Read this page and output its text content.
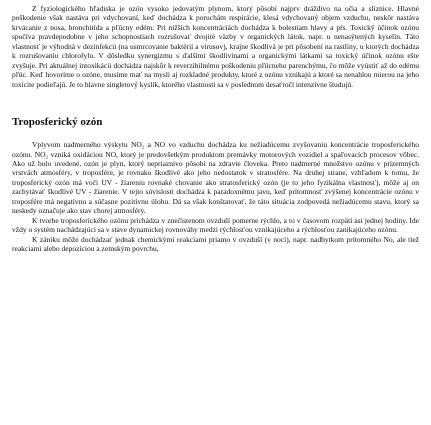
Z fyziologického hľadiska je ozón vysoko jedovatým plynom, ktorý pôsobí najprv dráždivo na očia a sliznice. Hlavné poškodenie však nastáva pri vdychovaní, keď dochádza k poruchám respirácie, klesá vdychovaný objem vzduchu, neskôr nastáva krvácanie z nosa, bronchitída a pľúcny edém. Pri nižších koncentráciách dochádza k bolestiam hlavy a pŕs. Toxický účinok ozónu spočíva pravdepodobne v jeho schopnostiach rozrušovať dvojité väzby v organických látok, napr. u nenasýtených kyselín. Táto vlastnosť je výhodná v dezinfekcii (na usmrcovanie baktérií a vírusov), krajne škodlivá je pri pôsobení na rastliny, u ktorých dochádza k rozrušovaniu chlorofylu. V dôsledku synergizmu s ďalšími škodlivinami a organickými látkami sa toxický účinok ozónu ešte zvyšuje. Pri aktuálnej intoxikácii dochádza najskôr k reverzibilnému poškodeniu pľúcneho parenchýmu, čo môže vyústiť až do edému pľúc. Keď hovoríme o ozóne, musíme mať na mysli aj rozkladné produkty, ktoré z ozónu vznikajú a ktoré sa nenahlou mierou na jeho toxicite podieľajú. Je to hlavne singletový kyslík, ktorého vlastnosti sa v poslednom desaťročí intenzívne študujú.

Troposferický ozón

Vplyvom nadmerného výskytu NO₂ a NO vo vzduchu dochádza ku nežiadúcemu zvyšovaniu koncentrácie troposferického ozónu. NO₂ vzniká oxidáciou NO, ktorý je predovšetkým produktom premávky motorových vozidiel a spaľovacích procesov vôbec. Ako už bolo uvedené, ozón je plyn, ktorý nepriaznivo pôsobí na zdravie človeka. Preto nadmerné množstvo ozónu v prízemných vrstvách atmosféry, v troposfére, je rovnako škodlivé ako jeho nedostatok v stratosfére. Na druhej strane, vzhľadom k tomu, že troposferický ozón má voči UV - žiareniu rovnaké chovanie ako stratosferický ozón (je to jeho fyzikálna vlastnosť), môže aj on zachytávať škodlivé UV - žiarenie. V tejto súvislosti dochádza k paradoxnému javu, keď prítomnosť zvýšenej koncentrácie ozónu v troposfére má negatívnu a súčasne pozitívnu úlohu. Dá sa však konštatovať, že táto situácia zodpovedá nežiadúcemu stavu, ktorý sa neskedy označuje ako stav chorej atmosféry.

K tvorbe troposferického ozónu prichádza v znečistenom ovzduší pomerne rýchlo, a to v časovom rozpätí asi jednej hodiny. Ide vždy o systém nachádzajúci sa v stave dynamickej rovnováhy medzi rýchlosťou vznikajúceho a rýchlosťou zanikajúceho ozónu.

K zániku môže dochádzať jednak chemickými reakciami priamo v ovzduší (v noci), napr. nadbytkom prítomného No, ale tiež reakciami alebo depozíciou a zemským povrchu,
